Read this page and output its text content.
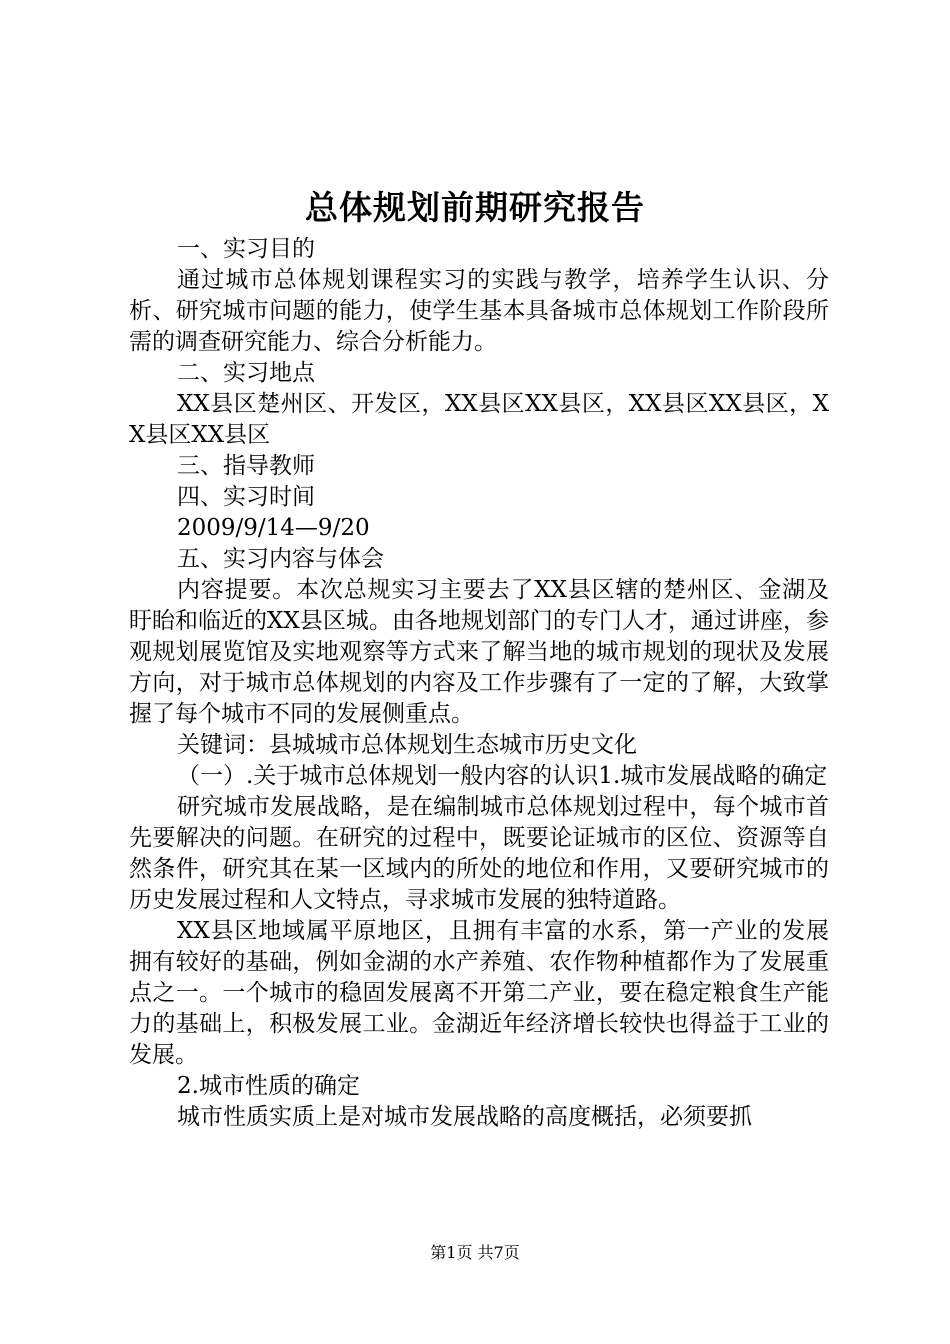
总体规划前期研究报告

一、实习目的

通过城市总体规划课程实习的实践与教学，培养学生认识、分析、研究城市问题的能力，使学生基本具备城市总体规划工作阶段所需的调查研究能力、综合分析能力。

二、实习地点

XX县区楚州区、开发区，XX县区XX县区，XX县区XX县区，XX县区XX县区

三、指导教师

四、实习时间

2009/9/14—9/20

五、实习内容与体会

内容提要。本次总规实习主要去了XX县区辖的楚州区、金湖及盱眙和临近的XX县区城。由各地规划部门的专门人才，通过讲座，参观规划展览馆及实地观察等方式来了解当地的城市规划的现状及发展方向，对于城市总体规划的内容及工作步骤有了一定的了解，大致掌握了每个城市不同的发展侧重点。

关键词：县城城市总体规划生态城市历史文化

（一）.关于城市总体规划一般内容的认识1.城市发展战略的确定

研究城市发展战略，是在编制城市总体规划过程中，每个城市首先要解决的问题。在研究的过程中，既要论证城市的区位、资源等自然条件，研究其在某一区域内的所处的地位和作用，又要研究城市的历史发展过程和人文特点，寻求城市发展的独特道路。

XX县区地域属平原地区，且拥有丰富的水系，第一产业的发展拥有较好的基础，例如金湖的水产养殖、农作物种植都作为了发展重点之一。一个城市的稳固发展离不开第二产业，要在稳定粮食生产能力的基础上，积极发展工业。金湖近年经济增长较快也得益于工业的发展。

2.城市性质的确定

城市性质实质上是对城市发展战略的高度概括，必须要抓

第1页 共7页
